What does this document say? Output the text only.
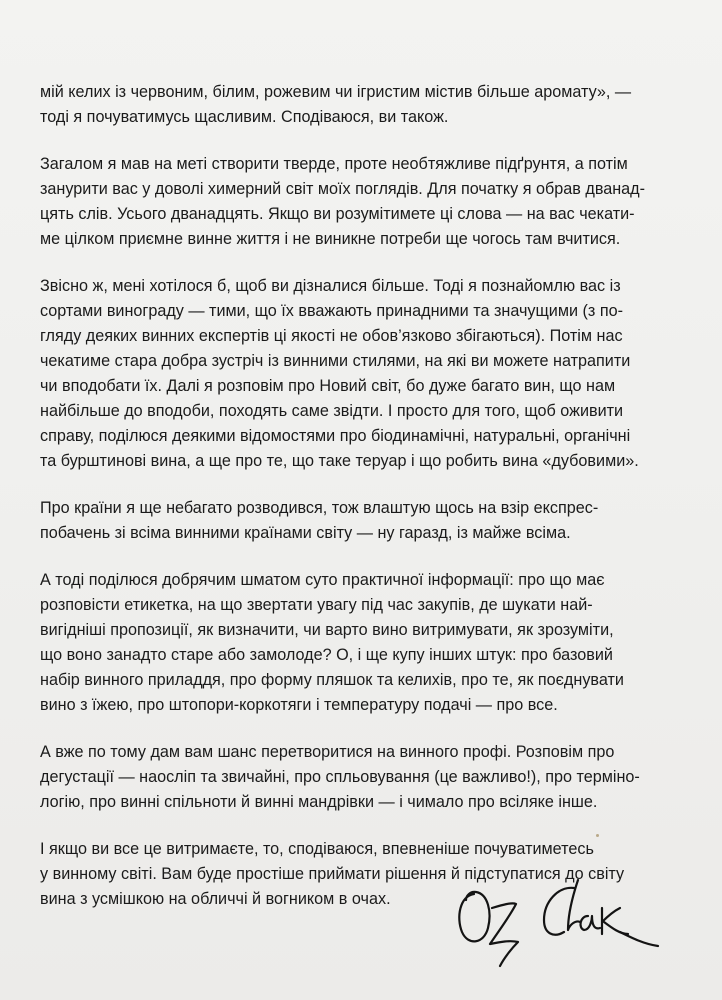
мій келих із червоним, білим, рожевим чи ігристим містив більше аромату», —
тоді я почуватимусь щасливим. Сподіваюся, ви також.

Загалом я мав на меті створити тверде, проте необтяжливе підґрунтя, а потім
занурити вас у доволі химерний світ моїх поглядів. Для початку я обрав дванад-
цять слів. Усього дванадцять. Якщо ви розумітимете ці слова — на вас чекати-
ме цілком приємне винне життя і не виникне потреби ще чогось там вчитися.

Звісно ж, мені хотілося б, щоб ви дізналися більше. Тоді я познайомлю вас із
сортами винограду — тими, що їх вважають принадними та значущими (з по-
гляду деяких винних експертів ці якості не обов’язково збігаються). Потім нас
чекатиме стара добра зустріч із винними стилями, на які ви можете натрапити
чи вподобати їх. Далі я розповім про Новий світ, бо дуже багато вин, що нам
найбільше до вподоби, походять саме звідти. І просто для того, щоб оживити
справу, поділюся деякими відомостями про біодинамічні, натуральні, органічні
та бурштинові вина, а ще про те, що таке теруар і що робить вина «дубовими».

Про країни я ще небагато розводився, тож влаштую щось на взір експрес-
побачень зі всіма винними країнами світу — ну гаразд, із майже всіма.

А тоді поділюся добрячим шматом суто практичної інформації: про що має
розповісти етикетка, на що звертати увагу під час закупів, де шукати най-
вигідніші пропозиції, як визначити, чи варто вино витримувати, як зрозуміти,
що воно занадто старе або замолоде? О, і ще купу інших штук: про базовий
набір винного приладдя, про форму пляшок та келихів, про те, як поєднувати
вино з їжею, про штопори-коркотяги і температуру подачі — про все.

А вже по тому дам вам шанс перетворитися на винного профі. Розповім про
дегустації — наосліп та звичайні, про спльовування (це важливо!), про терміно-
логію, про винні спільноти й винні мандрівки — і чимало про всіляке інше.

І якщо ви все це витримаєте, то, сподіваюся, впевненіше почуватиметесь
у винному світі. Вам буде простіше приймати рішення й підступатися до світу
вина з усмішкою на обличчі й вогником в очах.
